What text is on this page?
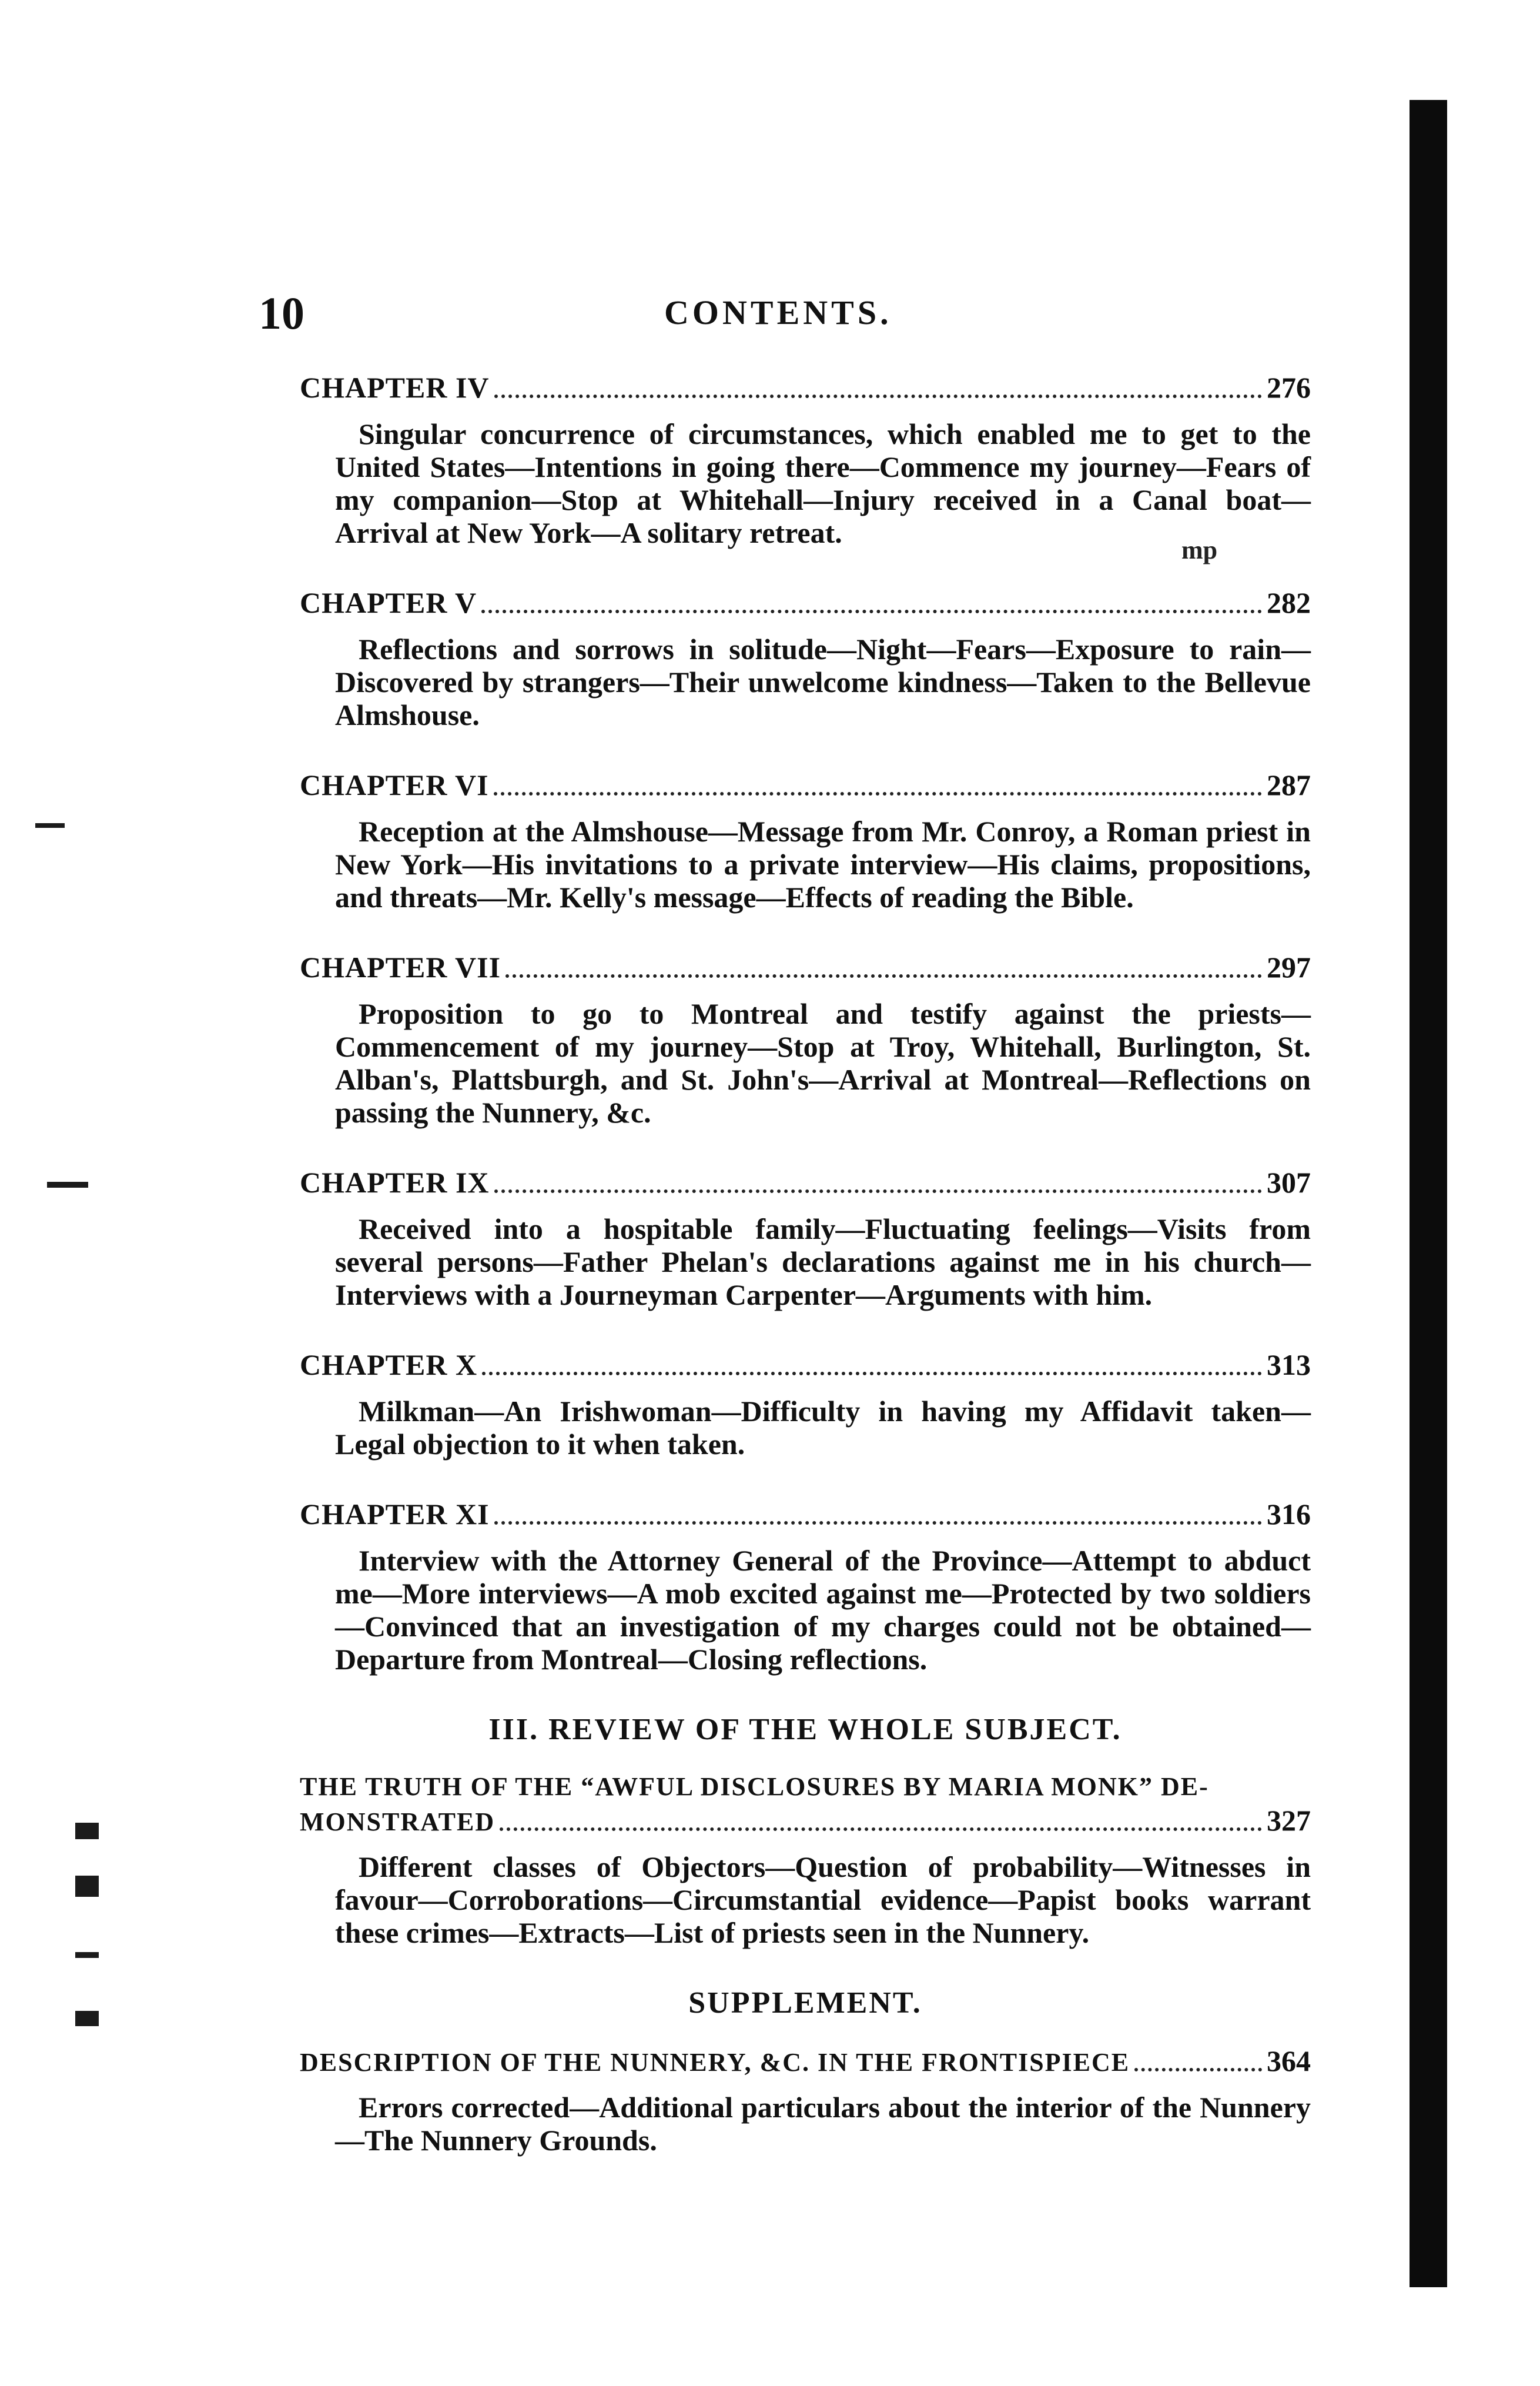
10	CONTENTS.
CHAPTER IV	276

Singular concurrence of circumstances, which enabled me to get to the United States—Intentions in going there—Commence my journey—Fears of my companion—Stop at Whitehall—Injury received in a Canal boat—Arrival at New York—A solitary retreat.

CHAPTER V	282

Reflections and sorrows in solitude—Night—Fears—Exposure to rain—Discovered by strangers—Their unwelcome kindness—Taken to the Bellevue Almshouse.

CHAPTER VI	287

Reception at the Almshouse—Message from Mr. Conroy, a Roman priest in New York—His invitations to a private interview—His claims, propositions, and threats—Mr. Kelly's message—Effects of reading the Bible.

CHAPTER VII	297

Proposition to go to Montreal and testify against the priests—Commencement of my journey—Stop at Troy, Whitehall, Burlington, St. Alban's, Plattsburgh, and St. John's—Arrival at Montreal—Reflections on passing the Nunnery, &c.

CHAPTER IX	307

Received into a hospitable family—Fluctuating feelings—Visits from several persons—Father Phelan's declarations against me in his church—Interviews with a Journeyman Carpenter—Arguments with him.

CHAPTER X	313

Milkman—An Irishwoman—Difficulty in having my Affidavit taken—Legal objection to it when taken.

CHAPTER XI	316

Interview with the Attorney General of the Province—Attempt to abduct me—More interviews—A mob excited against me—Protected by two soldiers—Convinced that an investigation of my charges could not be obtained—Departure from Montreal—Closing reflections.

III. REVIEW OF THE WHOLE SUBJECT.
THE TRUTH OF THE “AWFUL DISCLOSURES BY MARIA MONK” DE-
MONSTRATED	327

Different classes of Objectors—Question of probability—Witnesses in favour—Corroborations—Circumstantial evidence—Papist books warrant these crimes—Extracts—List of priests seen in the Nunnery.

SUPPLEMENT.
DESCRIPTION OF THE NUNNERY, &C. IN THE FRONTISPIECE	364

Errors corrected—Additional particulars about the interior of the Nunnery—The Nunnery Grounds.

mp
